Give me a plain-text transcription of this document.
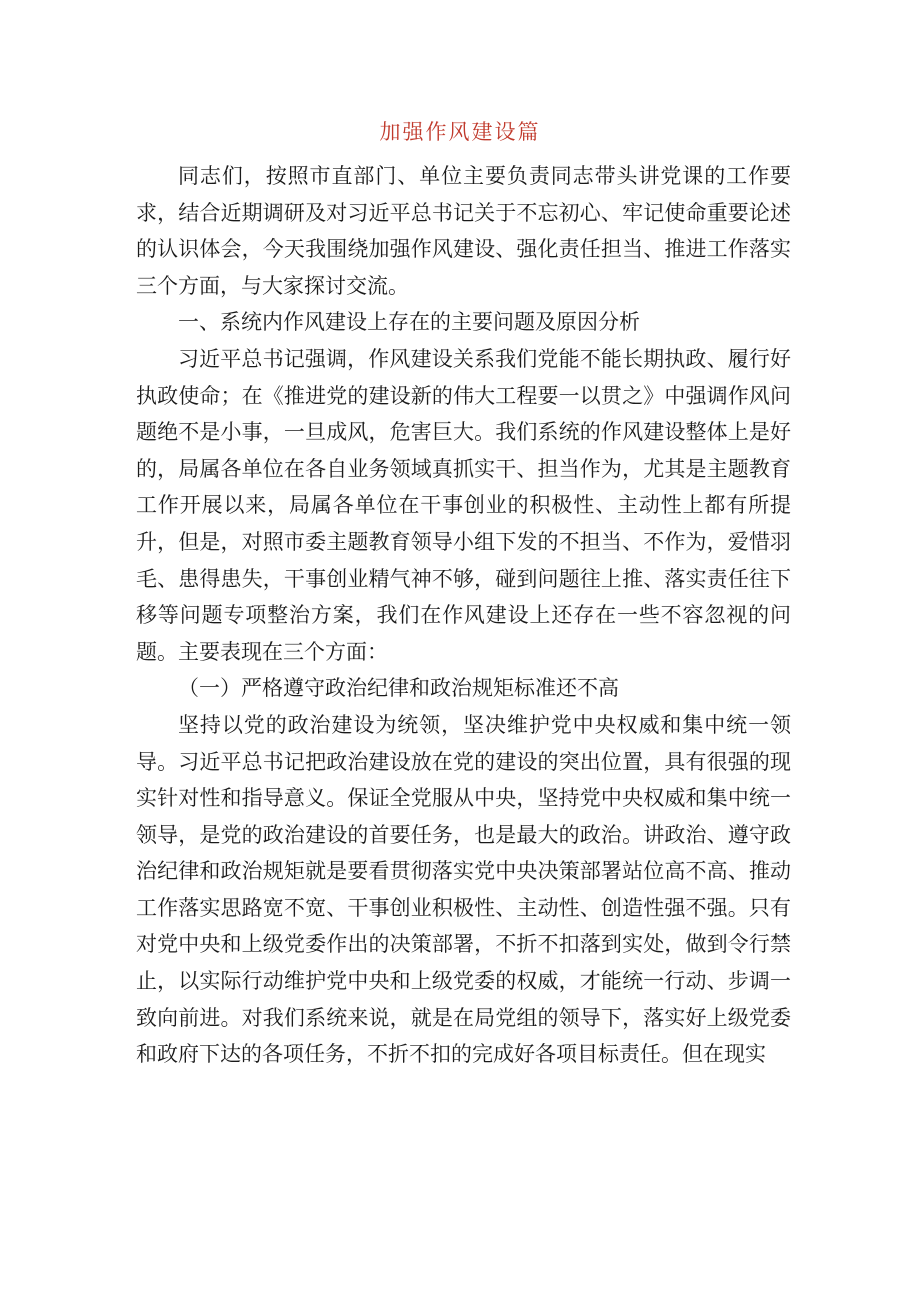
加强作风建设篇

同志们，按照市直部门、单位主要负责同志带头讲党课的工作要求，结合近期调研及对习近平总书记关于不忘初心、牢记使命重要论述的认识体会，今天我围绕加强作风建设、强化责任担当、推进工作落实三个方面，与大家探讨交流。

一、系统内作风建设上存在的主要问题及原因分析

习近平总书记强调，作风建设关系我们党能不能长期执政、履行好执政使命；在《推进党的建设新的伟大工程要一以贯之》中强调作风问题绝不是小事，一旦成风，危害巨大。我们系统的作风建设整体上是好的，局属各单位在各自业务领域真抓实干、担当作为，尤其是主题教育工作开展以来，局属各单位在干事创业的积极性、主动性上都有所提升，但是，对照市委主题教育领导小组下发的不担当、不作为，爱惜羽毛、患得患失，干事创业精气神不够，碰到问题往上推、落实责任往下移等问题专项整治方案，我们在作风建设上还存在一些不容忽视的问题。主要表现在三个方面：

（一）严格遵守政治纪律和政治规矩标准还不高

坚持以党的政治建设为统领，坚决维护党中央权威和集中统一领导。习近平总书记把政治建设放在党的建设的突出位置，具有很强的现实针对性和指导意义。保证全党服从中央，坚持党中央权威和集中统一领导，是党的政治建设的首要任务，也是最大的政治。讲政治、遵守政治纪律和政治规矩就是要看贯彻落实党中央决策部署站位高不高、推动工作落实思路宽不宽、干事创业积极性、主动性、创造性强不强。只有对党中央和上级党委作出的决策部署，不折不扣落到实处，做到令行禁止，以实际行动维护党中央和上级党委的权威，才能统一行动、步调一致向前进。对我们系统来说，就是在局党组的领导下，落实好上级党委和政府下达的各项任务，不折不扣的完成好各项目标责任。但在现实
